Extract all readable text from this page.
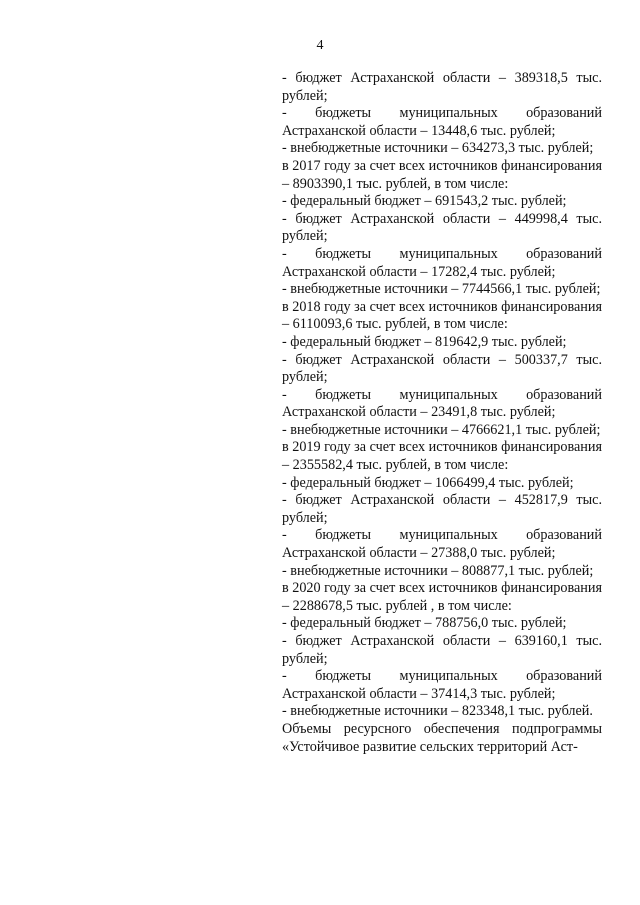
4

- бюджет Астраханской области – 389318,5 тыс. рублей;

- бюджеты муниципальных образований Астраханской области – 13448,6 тыс. рублей;

- внебюджетные источники – 634273,3 тыс. рублей;

в 2017 году за счет всех источников финансирования – 8903390,1 тыс. рублей, в том числе:

- федеральный бюджет – 691543,2 тыс. рублей;

- бюджет Астраханской области – 449998,4 тыс. рублей;

- бюджеты муниципальных образований Астраханской области – 17282,4 тыс. рублей;

- внебюджетные источники – 7744566,1 тыс. рублей;

в 2018 году за счет всех источников финансирования – 6110093,6 тыс. рублей, в том числе:

- федеральный бюджет – 819642,9 тыс. рублей;

- бюджет Астраханской области – 500337,7 тыс. рублей;

- бюджеты муниципальных образований Астраханской области – 23491,8 тыс. рублей;

- внебюджетные источники – 4766621,1 тыс. рублей;

в 2019 году за счет всех источников финансирования – 2355582,4 тыс. рублей, в том числе:

- федеральный бюджет – 1066499,4 тыс. рублей;

- бюджет Астраханской области – 452817,9 тыс. рублей;

- бюджеты муниципальных образований Астраханской области – 27388,0 тыс. рублей;

- внебюджетные источники – 808877,1 тыс. рублей;

в 2020 году за счет всех источников финансирования – 2288678,5 тыс. рублей , в том числе:

- федеральный бюджет – 788756,0 тыс. рублей;

- бюджет Астраханской области – 639160,1 тыс. рублей;

- бюджеты муниципальных образований Астраханской области – 37414,3 тыс. рублей;

- внебюджетные источники – 823348,1 тыс. рублей.

Объемы ресурсного обеспечения подпрограммы «Устойчивое развитие сельских территорий Аст-
